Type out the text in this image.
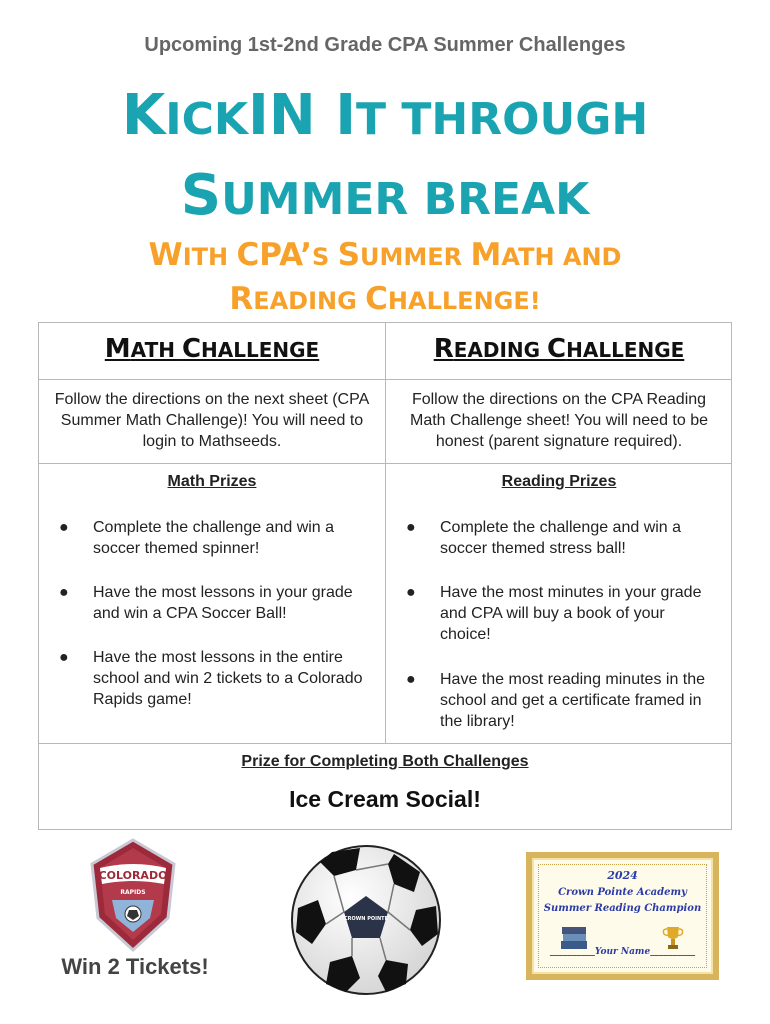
Upcoming 1st-2nd Grade CPA Summer Challenges
KICKIN IT THROUGH
SUMMER BREAK
WITH CPA’S SUMMER MATH AND
READING CHALLENGE!
MATH CHALLENGE	READING CHALLENGE
Follow the directions on the next sheet (CPA Summer Math Challenge)! You will need to login to Mathseeds.
Follow the directions on the CPA Reading Math Challenge sheet! You will need to be honest (parent signature required).
Math Prizes	Reading Prizes
● Complete the challenge and win a soccer themed spinner!
● Have the most lessons in your grade and win a CPA Soccer Ball!
● Have the most lessons in the entire school and win 2 tickets to a Colorado Rapids game!
● Complete the challenge and win a soccer themed stress ball!
● Have the most minutes in your grade and CPA will buy a book of your choice!
● Have the most reading minutes in the school and get a certificate framed in the library!
Prize for Completing Both Challenges
Ice Cream Social!
COLORADO
RAPIDS
Win 2 Tickets!
CROWN POINTE
2024
Crown Pointe Academy
Summer Reading Champion
__________Your Name__________
